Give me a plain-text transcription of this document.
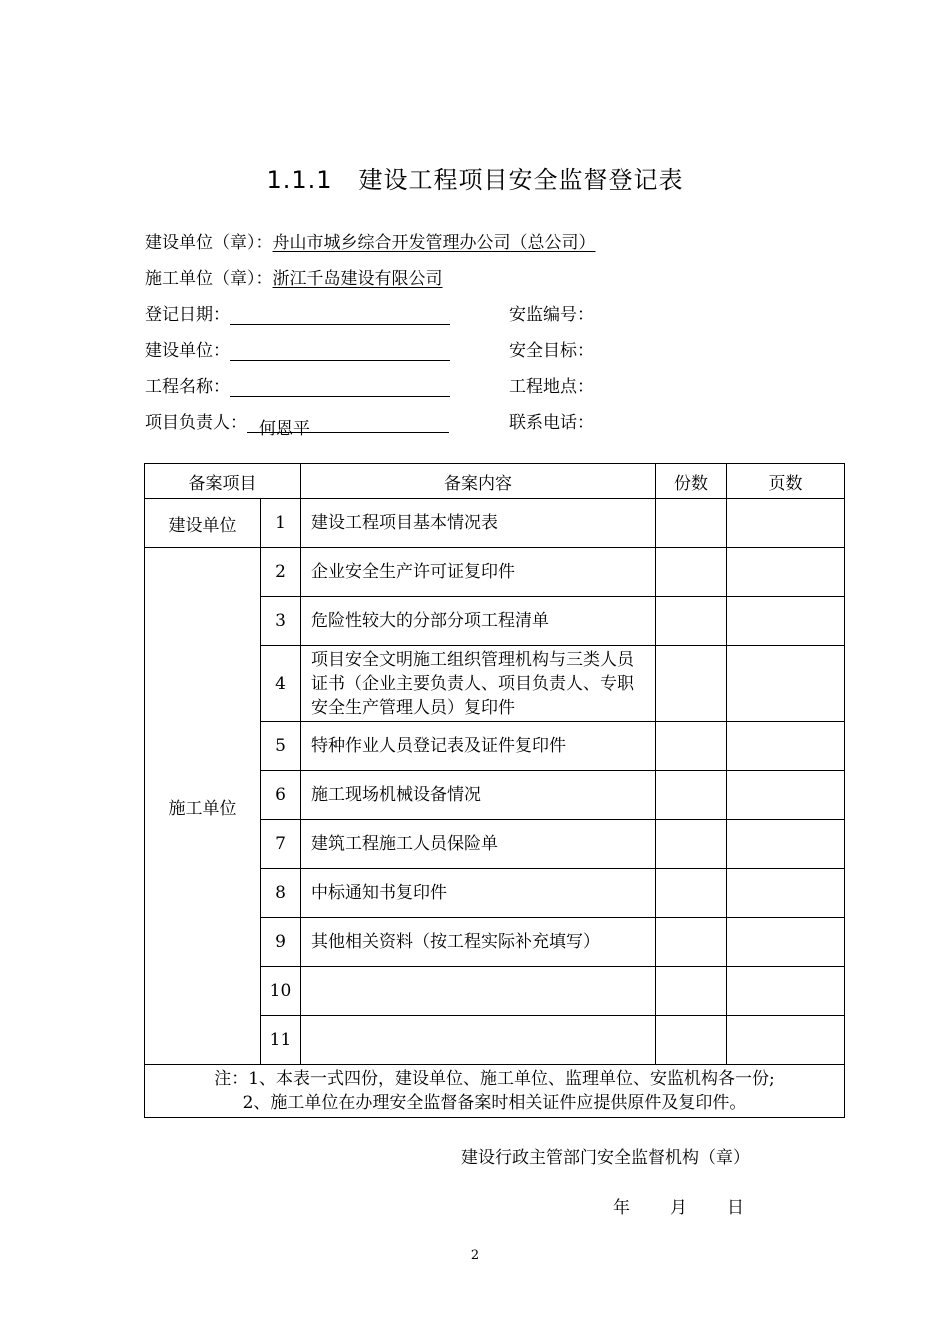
1.1.1 建设工程项目安全监督登记表
建设单位（章）：舟山市城乡综合开发管理办公司（总公司）
施工单位（章）：浙江千岛建设有限公司
登记日期：	安监编号：
建设单位：	安全目标：
工程名称：	工程地点：
项目负责人： 何恩平	联系电话：
备案项目		备案内容	份数	页数
建设单位	1	建设工程项目基本情况表		
施工单位	2	企业安全生产许可证复印件		
	3	危险性较大的分部分项工程清单		
	4	项目安全文明施工组织管理机构与三类人员证书（企业主要负责人、项目负责人、专职安全生产管理人员）复印件		
	5	特种作业人员登记表及证件复印件		
	6	施工现场机械设备情况		
	7	建筑工程施工人员保险单		
	8	中标通知书复印件		
	9	其他相关资料（按工程实际补充填写）		
	10			
	11			

注：1、本表一式四份，建设单位、施工单位、监理单位、安监机构各一份;
2、施工单位在办理安全监督备案时相关证件应提供原件及复印件。				
建设行政主管部门安全监督机构（章）
年 月 日
2
